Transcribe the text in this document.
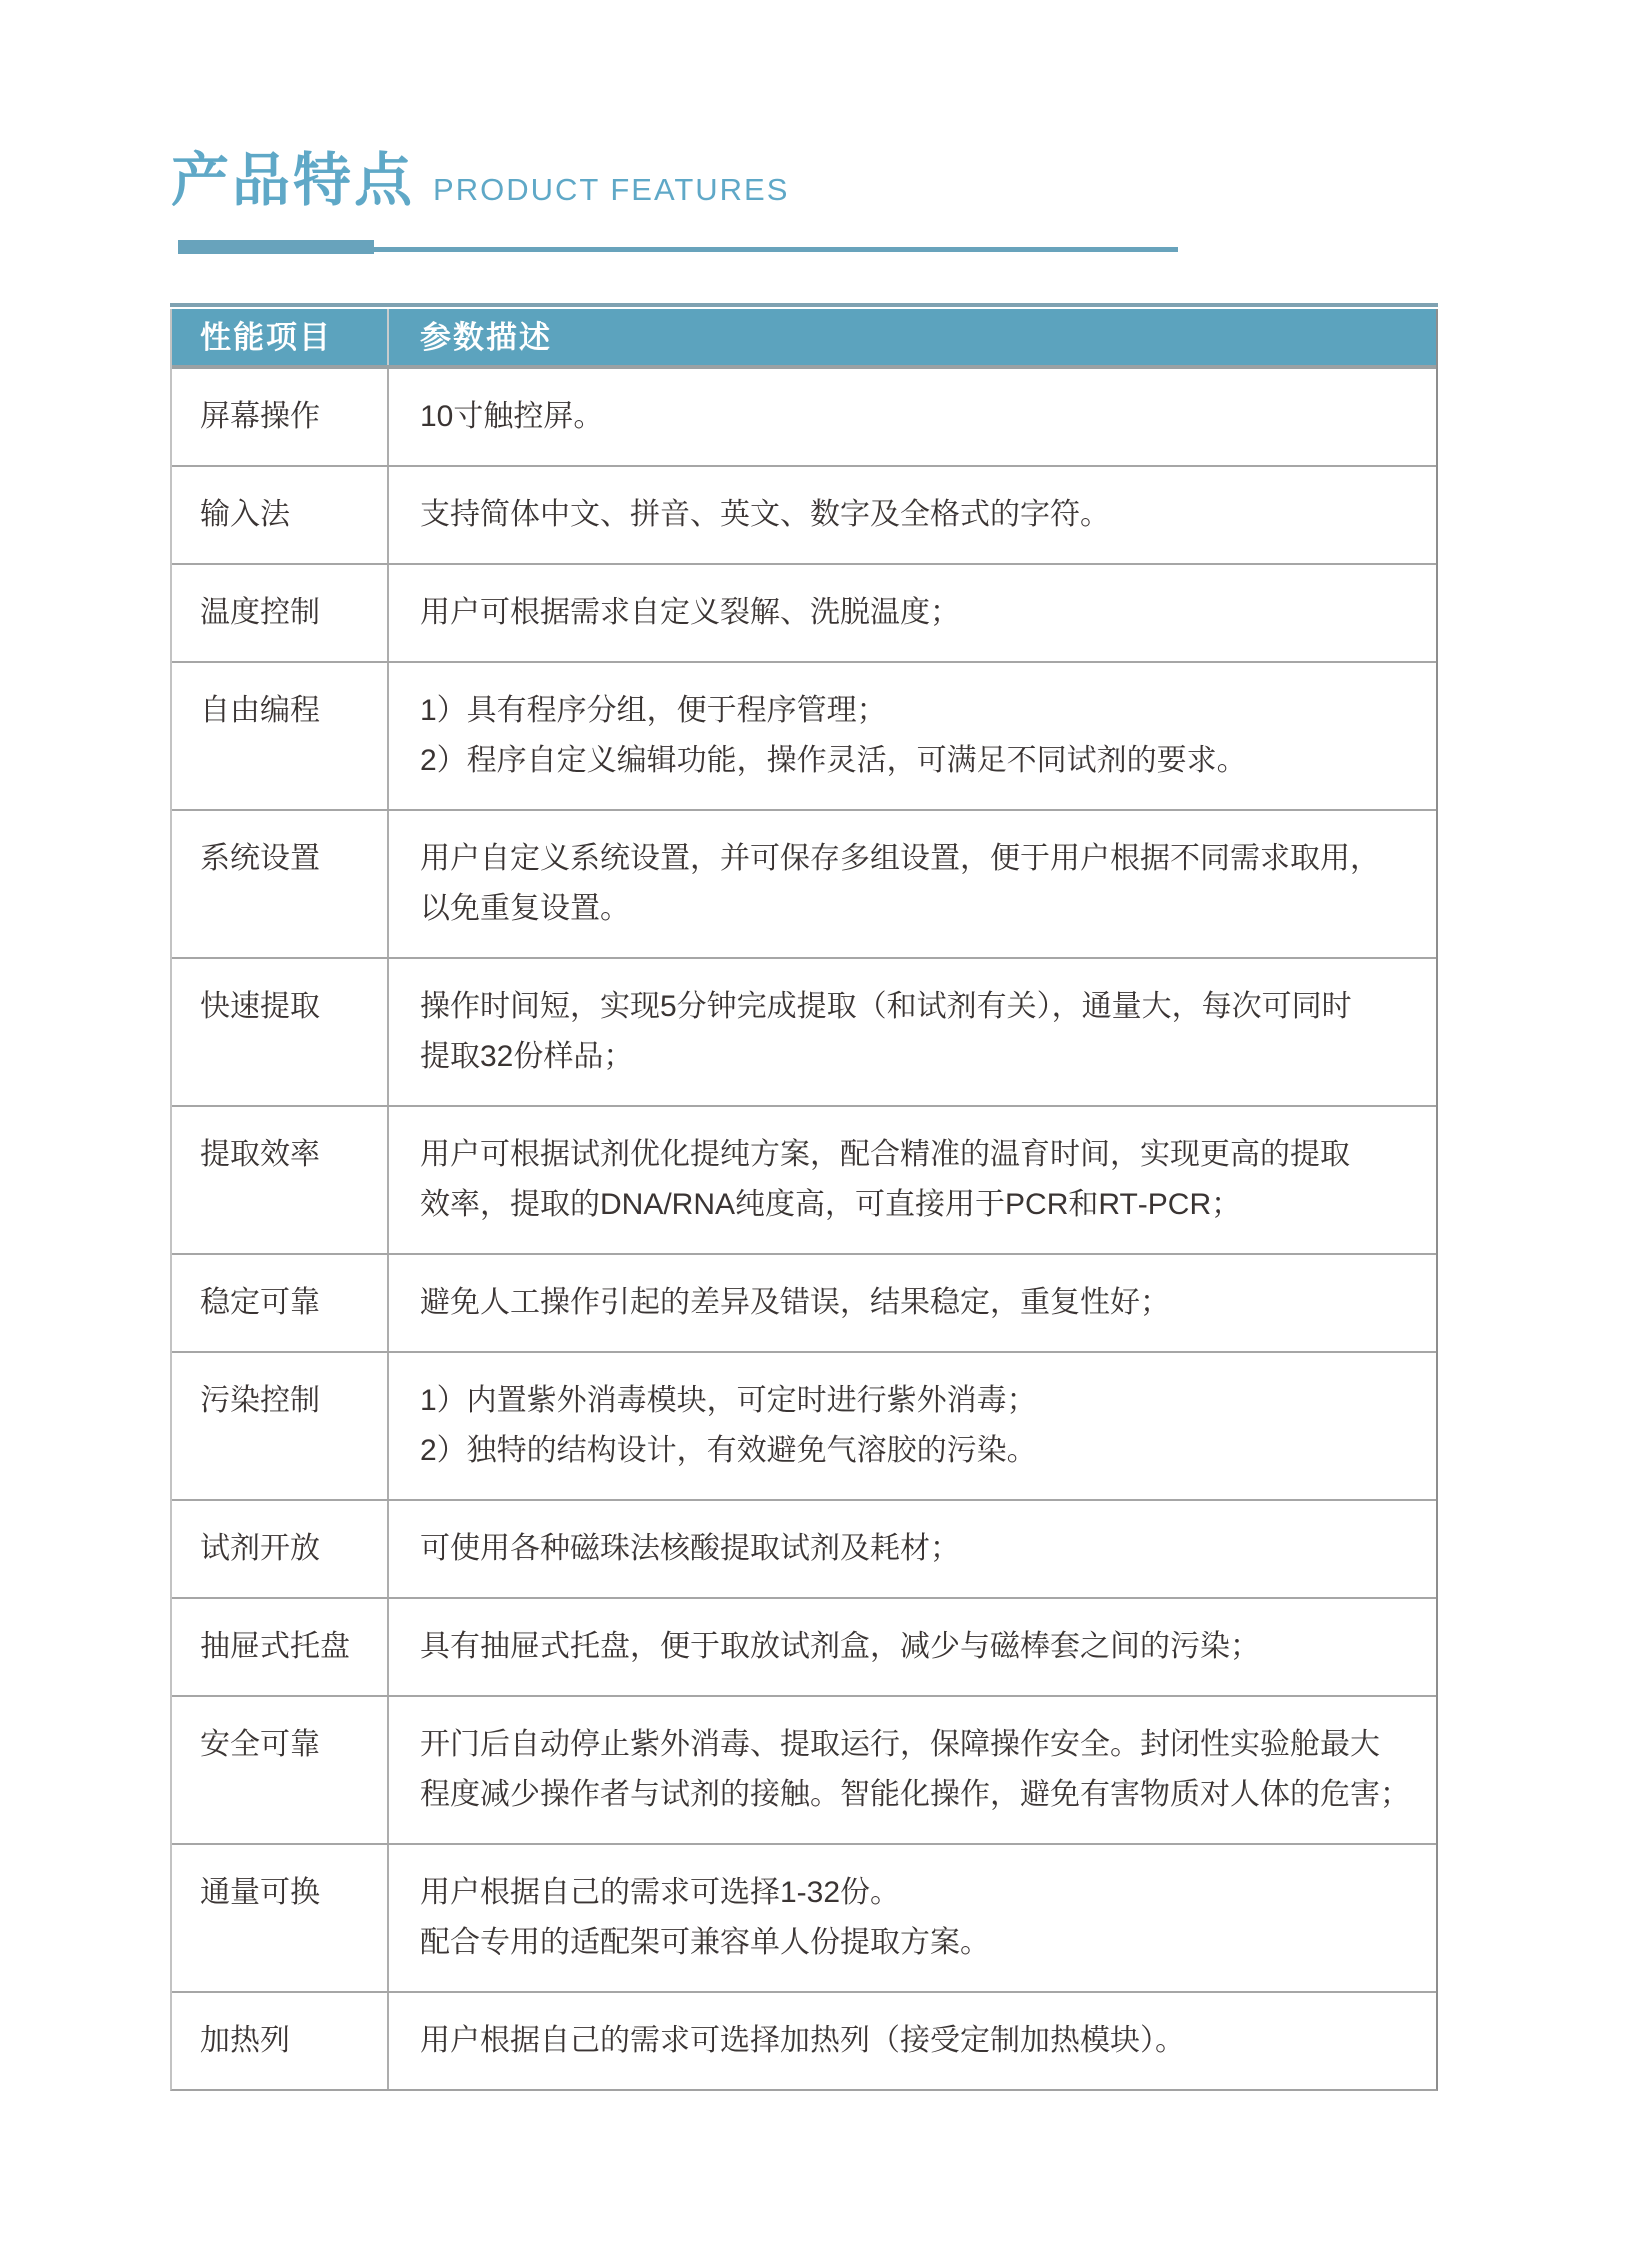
产品特点 PRODUCT FEATURES
性能项目	参数描述
屏幕操作	10寸触控屏。

输入法	支持简体中文、拼音、英文、数字及全格式的字符。

温度控制	用户可根据需求自定义裂解、洗脱温度；

自由编程	1）具有程序分组，便于程序管理；

2）程序自定义编辑功能，操作灵活，可满足不同试剂的要求。

系统设置	用户自定义系统设置，并可保存多组设置，便于用户根据不同需求取用，

以免重复设置。

快速提取	操作时间短，实现5分钟完成提取（和试剂有关），通量大，每次可同时

提取32份样品；

提取效率	用户可根据试剂优化提纯方案，配合精准的温育时间，实现更高的提取

效率，提取的DNA/RNA纯度高，可直接用于PCR和RT‐PCR；

稳定可靠	避免人工操作引起的差异及错误，结果稳定，重复性好；

污染控制	1）内置紫外消毒模块，可定时进行紫外消毒；

2）独特的结构设计，有效避免气溶胶的污染。

试剂开放	可使用各种磁珠法核酸提取试剂及耗材；

抽屉式托盘	具有抽屉式托盘，便于取放试剂盒，减少与磁棒套之间的污染；

安全可靠	开门后自动停止紫外消毒、提取运行，保障操作安全。封闭性实验舱最大

程度减少操作者与试剂的接触。智能化操作，避免有害物质对人体的危害；

通量可换	用户根据自己的需求可选择1-32份。

配合专用的适配架可兼容单人份提取方案。

加热列	用户根据自己的需求可选择加热列（接受定制加热模块）。
